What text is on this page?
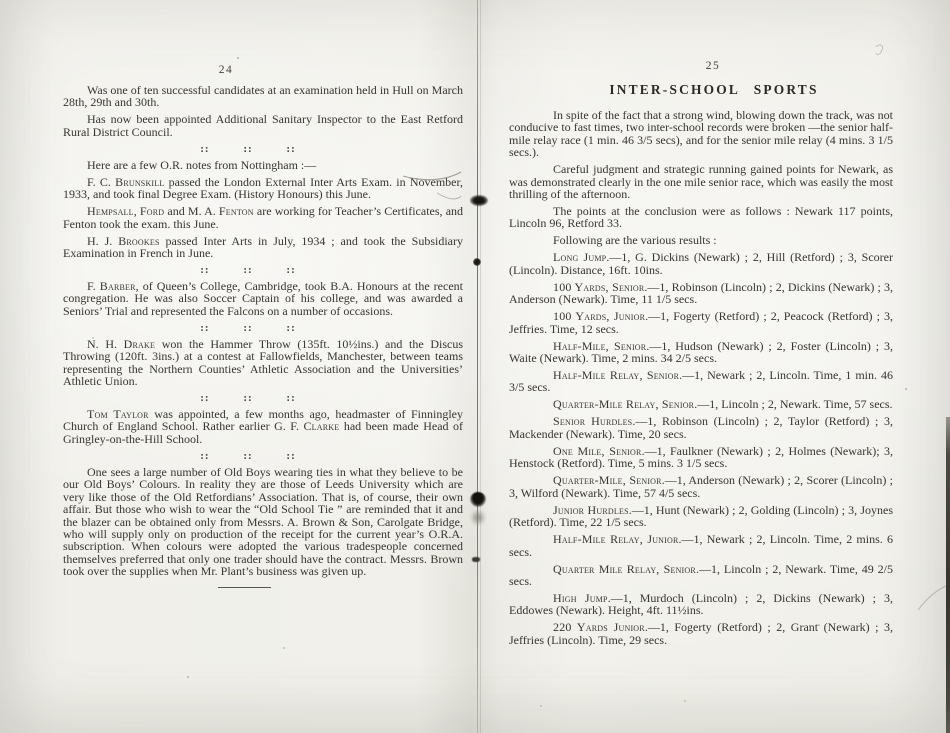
24	25

Was one of ten successful candidates at an examination held in Hull on March 28th, 29th and 30th.

Has now been appointed Additional Sanitary Inspector to the East Retford Rural District Council.

:: :: ::

Here are a few O.R. notes from Nottingham :—

F. C. Brunskill passed the London External Inter Arts Exam. in November, 1933, and took final Degree Exam. (History Honours) this June.

Hempsall, Ford and M. A. Fenton are working for Teacher’s Certificates, and Fenton took the exam. this June.

H. J. Brookes passed Inter Arts in July, 1934 ; and took the Subsidiary Examination in French in June.

:: :: ::

F. Barber, of Queen’s College, Cambridge, took B.A. Honours at the recent congregation. He was also Soccer Captain of his college, and was awarded a Seniors’ Trial and represented the Falcons on a number of occasions.

:: :: ::

N. H. Drake won the Hammer Throw (135ft. 10½ins.) and the Discus Throwing (120ft. 3ins.) at a contest at Fallowfields, Manchester, between teams representing the Northern Counties’ Athletic Association and the Universities’ Athletic Union.

:: :: ::

Tom Taylor was appointed, a few months ago, headmaster of Finningley Church of England School. Rather earlier G. F. Clarke had been made Head of Gringley-on-the-Hill School.

:: :: ::

One sees a large number of Old Boys wearing ties in what they believe to be our Old Boys’ Colours. In reality they are those of Leeds University which are very like those of the Old Retfordians’ Association. That is, of course, their own affair. But those who wish to wear the “Old School Tie ” are reminded that it and the blazer can be obtained only from Messrs. A. Brown & Son, Carolgate Bridge, who will supply only on production of the receipt for the current year’s O.R.A. subscription. When colours were adopted the various tradespeople concerned themselves preferred that only one trader should have the contract. Messrs. Brown took over the supplies when Mr. Plant’s business was given up.

INTER-SCHOOL SPORTS

In spite of the fact that a strong wind, blowing down the track, was not conducive to fast times, two inter-school records were broken —the senior half-mile relay race (1 min. 46 3/5 secs), and for the senior mile relay (4 mins. 3 1/5 secs.).

Careful judgment and strategic running gained points for Newark, as was demonstrated clearly in the one mile senior race, which was easily the most thrilling of the afternoon.

The points at the conclusion were as follows : Newark 117 points, Lincoln 96, Retford 33.

Following are the various results :

Long Jump.—1, G. Dickins (Newark) ; 2, Hill (Retford) ; 3, Scorer (Lincoln). Distance, 16ft. 10ins.

100 Yards, Senior.—1, Robinson (Lincoln) ; 2, Dickins (Newark) ; 3, Anderson (Newark). Time, 11 1/5 secs.

100 Yards, Junior.—1, Fogerty (Retford) ; 2, Peacock (Retford) ; 3, Jeffries. Time, 12 secs.

Half-Mile, Senior.—1, Hudson (Newark) ; 2, Foster (Lincoln) ; 3, Waite (Newark). Time, 2 mins. 34 2/5 secs.

Half-Mile Relay, Senior.—1, Newark ; 2, Lincoln. Time, 1 min. 46 3/5 secs.

Quarter-Mile Relay, Senior.—1, Lincoln ; 2, Newark. Time, 57 secs.

Senior Hurdles.—1, Robinson (Lincoln) ; 2, Taylor (Retford) ; 3, Mackender (Newark). Time, 20 secs.

One Mile, Senior.—1, Faulkner (Newark) ; 2, Holmes (Newark); 3, Henstock (Retford). Time, 5 mins. 3 1/5 secs.

Quarter-Mile, Senior.—1, Anderson (Newark) ; 2, Scorer (Lincoln) ; 3, Wilford (Newark). Time, 57 4/5 secs.

Junior Hurdles.—1, Hunt (Newark) ; 2, Golding (Lincoln) ; 3, Joynes (Retford). Time, 22 1/5 secs.

Half-Mile Relay, Junior.—1, Newark ; 2, Lincoln. Time, 2 mins. 6 secs.

Quarter Mile Relay, Senior.—1, Lincoln ; 2, Newark. Time, 49 2/5 secs.

High Jump.—1, Murdoch (Lincoln) ; 2, Dickins (Newark) ; 3, Eddowes (Newark). Height, 4ft. 11½ins.

220 Yards Junior.—1, Fogerty (Retford) ; 2, Grant (Newark) ; 3, Jeffries (Lincoln). Time, 29 secs.
